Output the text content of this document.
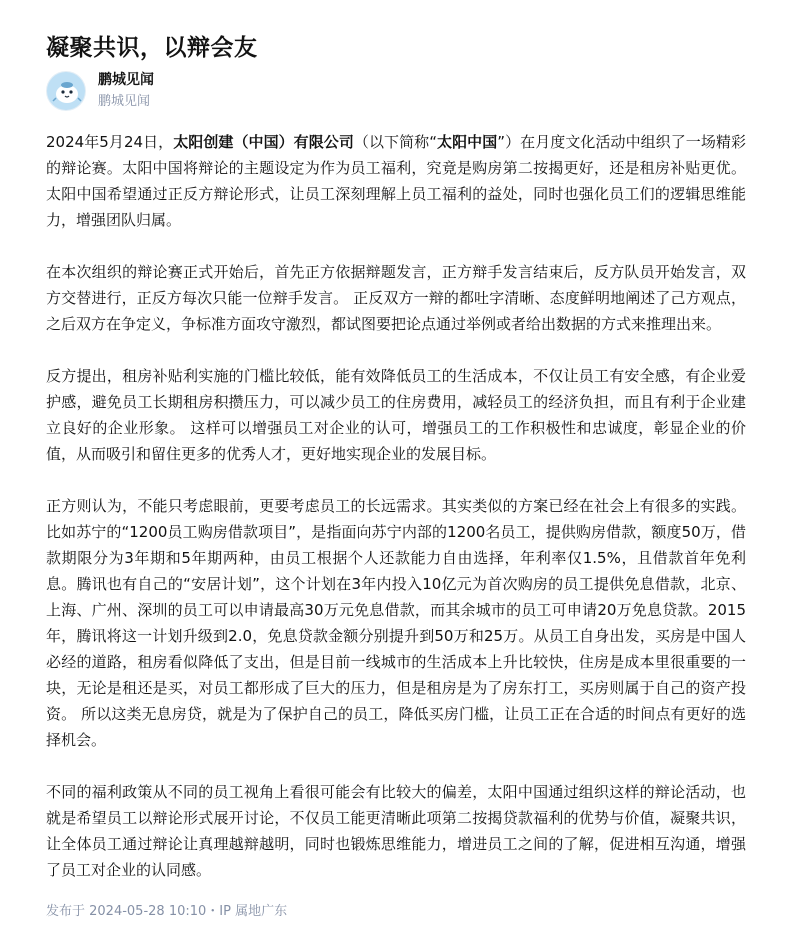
凝聚共识，以辩会友
鹏城见闻
鹏城见闻

2024年5月24日，太阳创建（中国）有限公司（以下简称“太阳中国”）在月度文化活动中组织了一场精彩的辩论赛。太阳中国将辩论的主题设定为作为员工福利，究竟是购房第二按揭更好，还是租房补贴更优。太阳中国希望通过正反方辩论形式，让员工深刻理解上员工福利的益处，同时也强化员工们的逻辑思维能力，增强团队归属。

在本次组织的辩论赛正式开始后，首先正方依据辩题发言，正方辩手发言结束后，反方队员开始发言，双方交替进行，正反方每次只能一位辩手发言。 正反双方一辩的都吐字清晰、态度鲜明地阐述了己方观点，之后双方在争定义，争标准方面攻守激烈，都试图要把论点通过举例或者给出数据的方式来推理出来。

反方提出，租房补贴利实施的门槛比较低，能有效降低员工的生活成本，不仅让员工有安全感，有企业爱护感，避免员工长期租房积攒压力，可以减少员工的住房费用，减轻员工的经济负担，而且有利于企业建立良好的企业形象。 这样可以增强员工对企业的认可，增强员工的工作积极性和忠诚度，彰显企业的价值，从而吸引和留住更多的优秀人才，更好地实现企业的发展目标。

正方则认为，不能只考虑眼前，更要考虑员工的长远需求。其实类似的方案已经在社会上有很多的实践。比如苏宁的“1200员工购房借款项目”，是指面向苏宁内部的1200名员工，提供购房借款，额度50万，借款期限分为3年期和5年期两种，由员工根据个人还款能力自由选择，年利率仅1.5%，且借款首年免利息。腾讯也有自己的“安居计划”，这个计划在3年内投入10亿元为首次购房的员工提供免息借款，北京、上海、广州、深圳的员工可以申请最高30万元免息借款，而其余城市的员工可申请20万免息贷款。2015年，腾讯将这一计划升级到2.0，免息贷款金额分别提升到50万和25万。从员工自身出发，买房是中国人必经的道路，租房看似降低了支出，但是目前一线城市的生活成本上升比较快，住房是成本里很重要的一块，无论是租还是买，对员工都形成了巨大的压力，但是租房是为了房东打工，买房则属于自己的资产投资。 所以这类无息房贷，就是为了保护自己的员工，降低买房门槛，让员工正在合适的时间点有更好的选择机会。

不同的福利政策从不同的员工视角上看很可能会有比较大的偏差，太阳中国通过组织这样的辩论活动，也就是希望员工以辩论形式展开讨论，不仅员工能更清晰此项第二按揭贷款福利的优势与价值，凝聚共识，让全体员工通过辩论让真理越辩越明，同时也锻炼思维能力，增进员工之间的了解，促进相互沟通，增强了员工对企业的认同感。

发布于 2024-05-28 10:10・IP 属地广东
